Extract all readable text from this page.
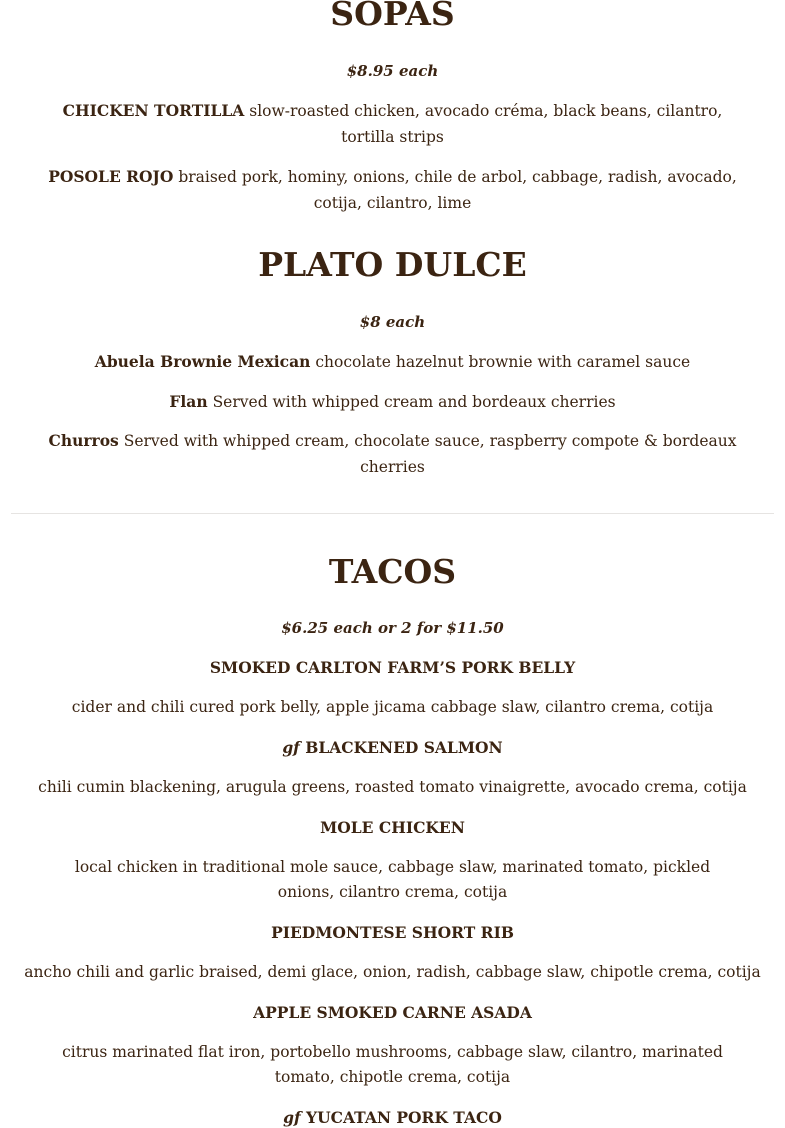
SOPAS

$8.95 each

CHICKEN TORTILLA slow-roasted chicken, avocado créma, black beans, cilantro, tortilla strips

POSOLE ROJO braised pork, hominy, onions, chile de arbol, cabbage, radish, avocado, cotija, cilantro, lime

PLATO DULCE

$8 each

Abuela Brownie Mexican chocolate hazelnut brownie with caramel sauce

Flan Served with whipped cream and bordeaux cherries

Churros Served with whipped cream, chocolate sauce, raspberry compote & bordeaux cherries

TACOS

$6.25 each or 2 for $11.50

SMOKED CARLTON FARM’S PORK BELLY

cider and chili cured pork belly, apple jicama cabbage slaw, cilantro crema, cotija

gf BLACKENED SALMON

chili cumin blackening, arugula greens, roasted tomato vinaigrette, avocado crema, cotija

MOLE CHICKEN

local chicken in traditional mole sauce, cabbage slaw, marinated tomato, pickled onions, cilantro crema, cotija

PIEDMONTESE SHORT RIB

ancho chili and garlic braised, demi glace, onion, radish, cabbage slaw, chipotle crema, cotija

APPLE SMOKED CARNE ASADA

citrus marinated flat iron, portobello mushrooms, cabbage slaw, cilantro, marinated tomato, chipotle crema, cotija

gf YUCATAN PORK TACO
